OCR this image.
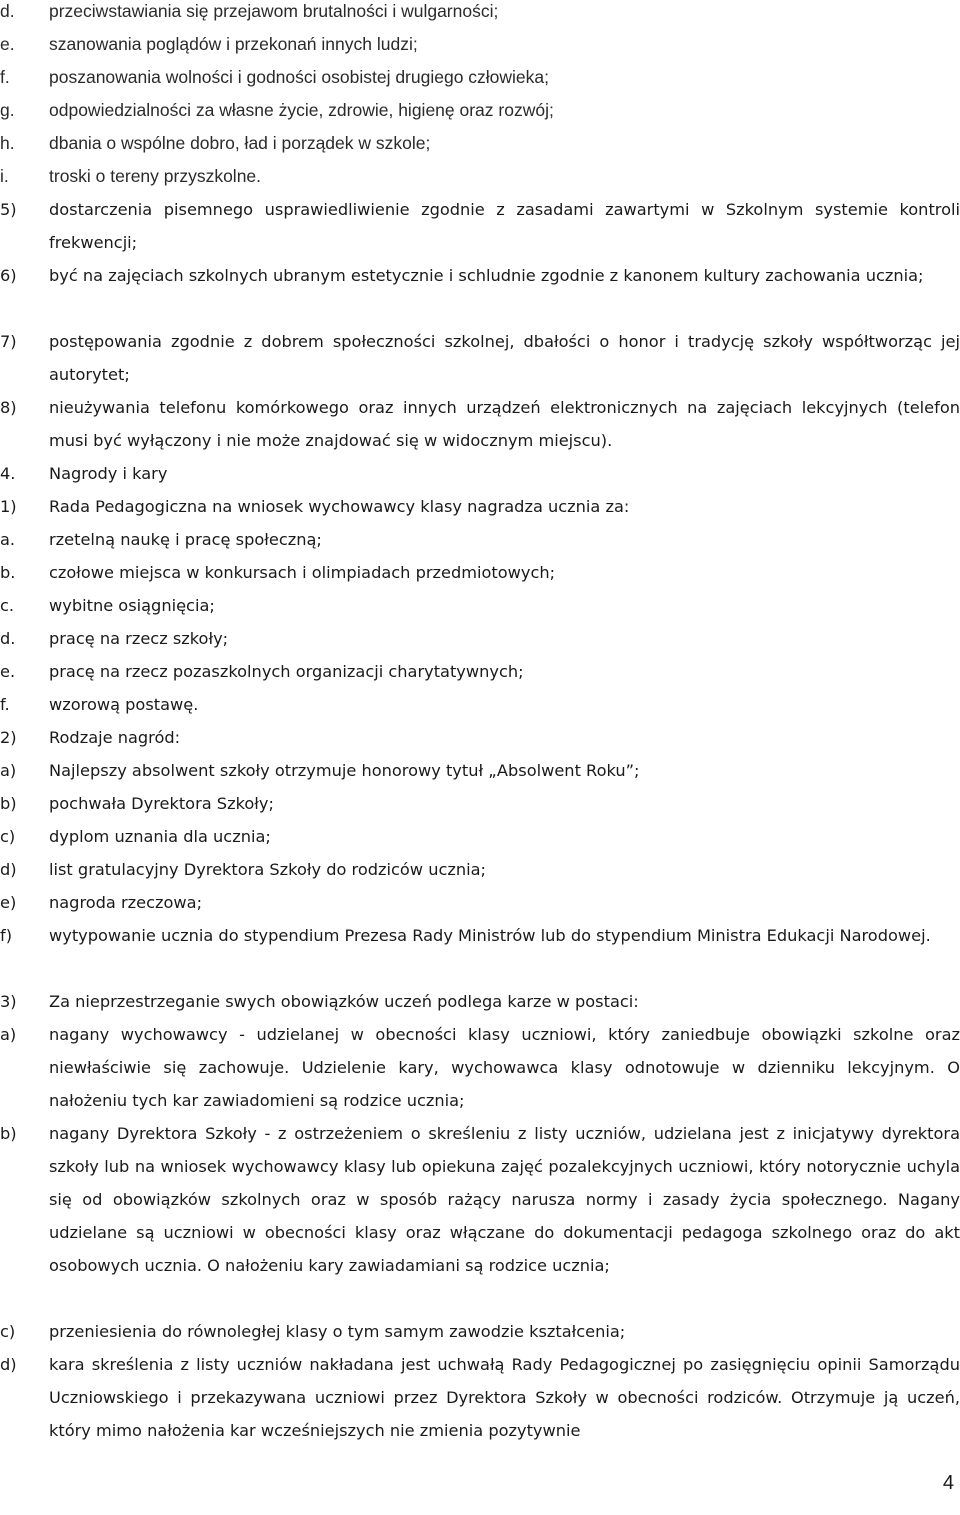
d. przeciwstawiania się przejawom brutalności i wulgarności;
e. szanowania poglądów i przekonań innych ludzi;
f. poszanowania wolności i godności osobistej drugiego człowieka;
g. odpowiedzialności za własne życie, zdrowie, higienę oraz rozwój;
h. dbania o wspólne dobro, ład i porządek w szkole;
i. troski o tereny przyszkolne.
5) dostarczenia pisemnego usprawiedliwienie zgodnie z zasadami zawartymi w Szkolnym systemie kontroli frekwencji;
6) być na zajęciach szkolnych ubranym estetycznie i schludnie zgodnie z kanonem kultury zachowania ucznia;
7) postępowania zgodnie z dobrem społeczności szkolnej, dbałości o honor i tradycję szkoły współtworząc jej autorytet;
8) nieużywania telefonu komórkowego oraz innych urządzeń elektronicznych na zajęciach lekcyjnych (telefon musi być wyłączony i nie może znajdować się w widocznym miejscu).
4. Nagrody i kary
1) Rada Pedagogiczna na wniosek wychowawcy klasy nagradza ucznia za:
a. rzetelną naukę i pracę społeczną;
b. czołowe miejsca w konkursach i olimpiadach przedmiotowych;
c. wybitne osiągnięcia;
d. pracę na rzecz szkoły;
e. pracę na rzecz pozaszkolnych organizacji charytatywnych;
f. wzorową postawę.
2) Rodzaje nagród:
a) Najlepszy absolwent szkoły otrzymuje honorowy tytuł „Absolwent Roku”;
b) pochwała Dyrektora Szkoły;
c) dyplom uznania dla ucznia;
d) list gratulacyjny Dyrektora Szkoły do rodziców ucznia;
e) nagroda rzeczowa;
f) wytypowanie ucznia do stypendium Prezesa Rady Ministrów lub do stypendium Ministra Edukacji Narodowej.
3) Za nieprzestrzeganie swych obowiązków uczeń podlega karze w postaci:
a) nagany wychowawcy - udzielanej w obecności klasy uczniowi, który zaniedbuje obowiązki szkolne oraz niewłaściwie się zachowuje. Udzielenie kary, wychowawca klasy odnotowuje w dzienniku lekcyjnym. O nałożeniu tych kar zawiadomieni są rodzice ucznia;
b) nagany Dyrektora Szkoły - z ostrzeżeniem o skreśleniu z listy uczniów, udzielana jest z inicjatywy dyrektora szkoły lub na wniosek wychowawcy klasy lub opiekuna zajęć pozalekcyjnych uczniowi, który notorycznie uchyla się od obowiązków szkolnych oraz w sposób rażący narusza normy i zasady życia społecznego. Nagany udzielane są uczniowi w obecności klasy oraz włączane do dokumentacji pedagoga szkolnego oraz do akt osobowych ucznia. O nałożeniu kary zawiadamiani są rodzice ucznia;
c) przeniesienia do równoległej klasy o tym samym zawodzie kształcenia;
d) kara skreślenia z listy uczniów nakładana jest uchwałą Rady Pedagogicznej po zasięgnięciu opinii Samorządu Uczniowskiego i przekazywana uczniowi przez Dyrektora Szkoły w obecności rodziców. Otrzymuje ją uczeń, który mimo nałożenia kar wcześniejszych nie zmienia pozytywnie
4
